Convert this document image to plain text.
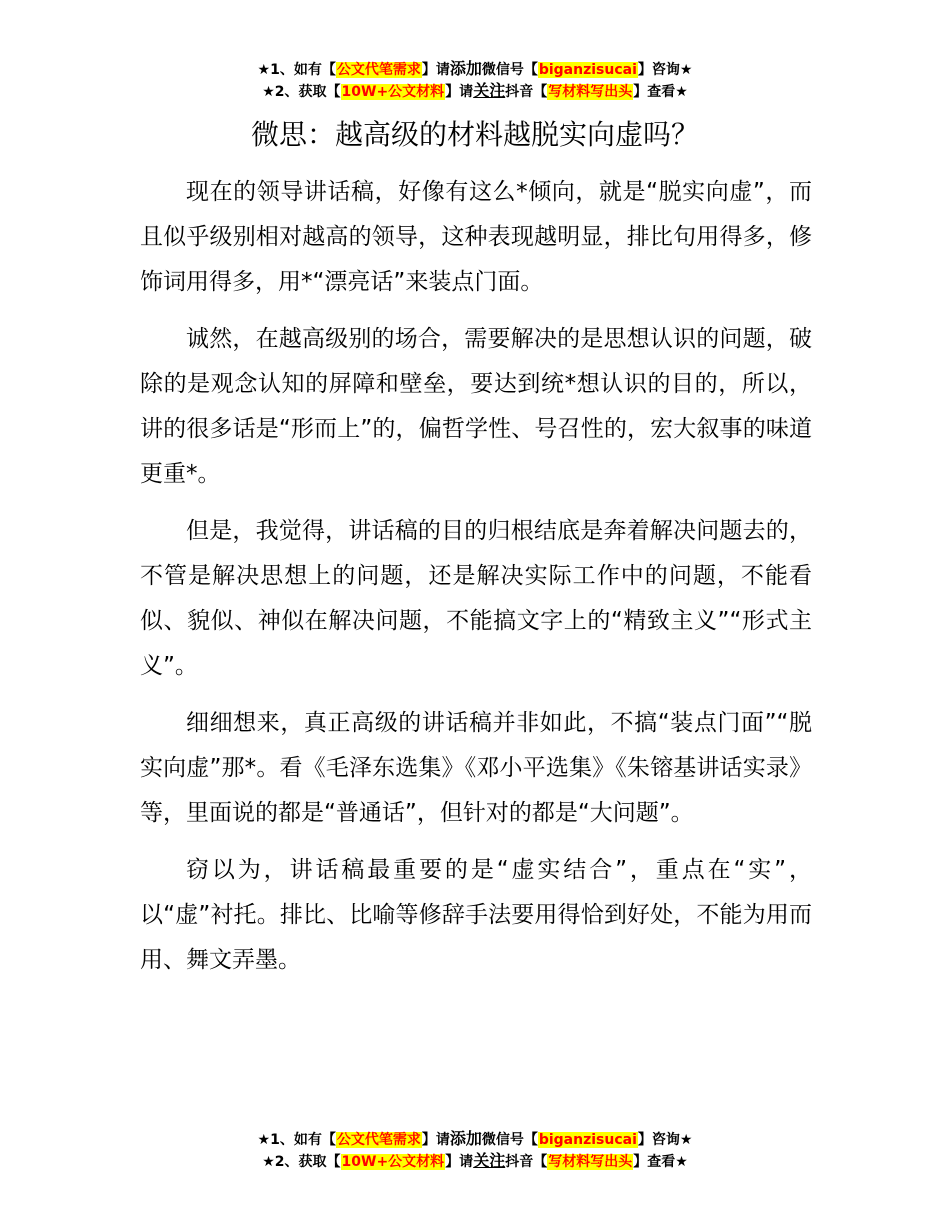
★1、如有【公文代笔需求】请添加微信号【biganzisucai】咨询★
★2、获取【10W+公文材料】请关注抖音【写材料写出头】查看★
微思：越高级的材料越脱实向虚吗？

现在的领导讲话稿，好像有这么*倾向，就是“脱实向虚”，而且似乎级别相对越高的领导，这种表现越明显，排比句用得多，修饰词用得多，用*“漂亮话”来装点门面。

诚然，在越高级别的场合，需要解决的是思想认识的问题，破除的是观念认知的屏障和壁垒，要达到统*想认识的目的，所以，讲的很多话是“形而上”的，偏哲学性、号召性的，宏大叙事的味道更重*。

但是，我觉得，讲话稿的目的归根结底是奔着解决问题去的，不管是解决思想上的问题，还是解决实际工作中的问题，不能看似、貌似、神似在解决问题，不能搞文字上的“精致主义”“形式主义”。

细细想来，真正高级的讲话稿并非如此，不搞“装点门面”“脱实向虚”那*。看《毛泽东选集》《邓小平选集》《朱镕基讲话实录》等，里面说的都是“普通话”，但针对的都是“大问题”。

窃以为，讲话稿最重要的是“虚实结合”，重点在“实”，以“虚”衬托。排比、比喻等修辞手法要用得恰到好处，不能为用而用、舞文弄墨。

★1、如有【公文代笔需求】请添加微信号【biganzisucai】咨询★
★2、获取【10W+公文材料】请关注抖音【写材料写出头】查看★
